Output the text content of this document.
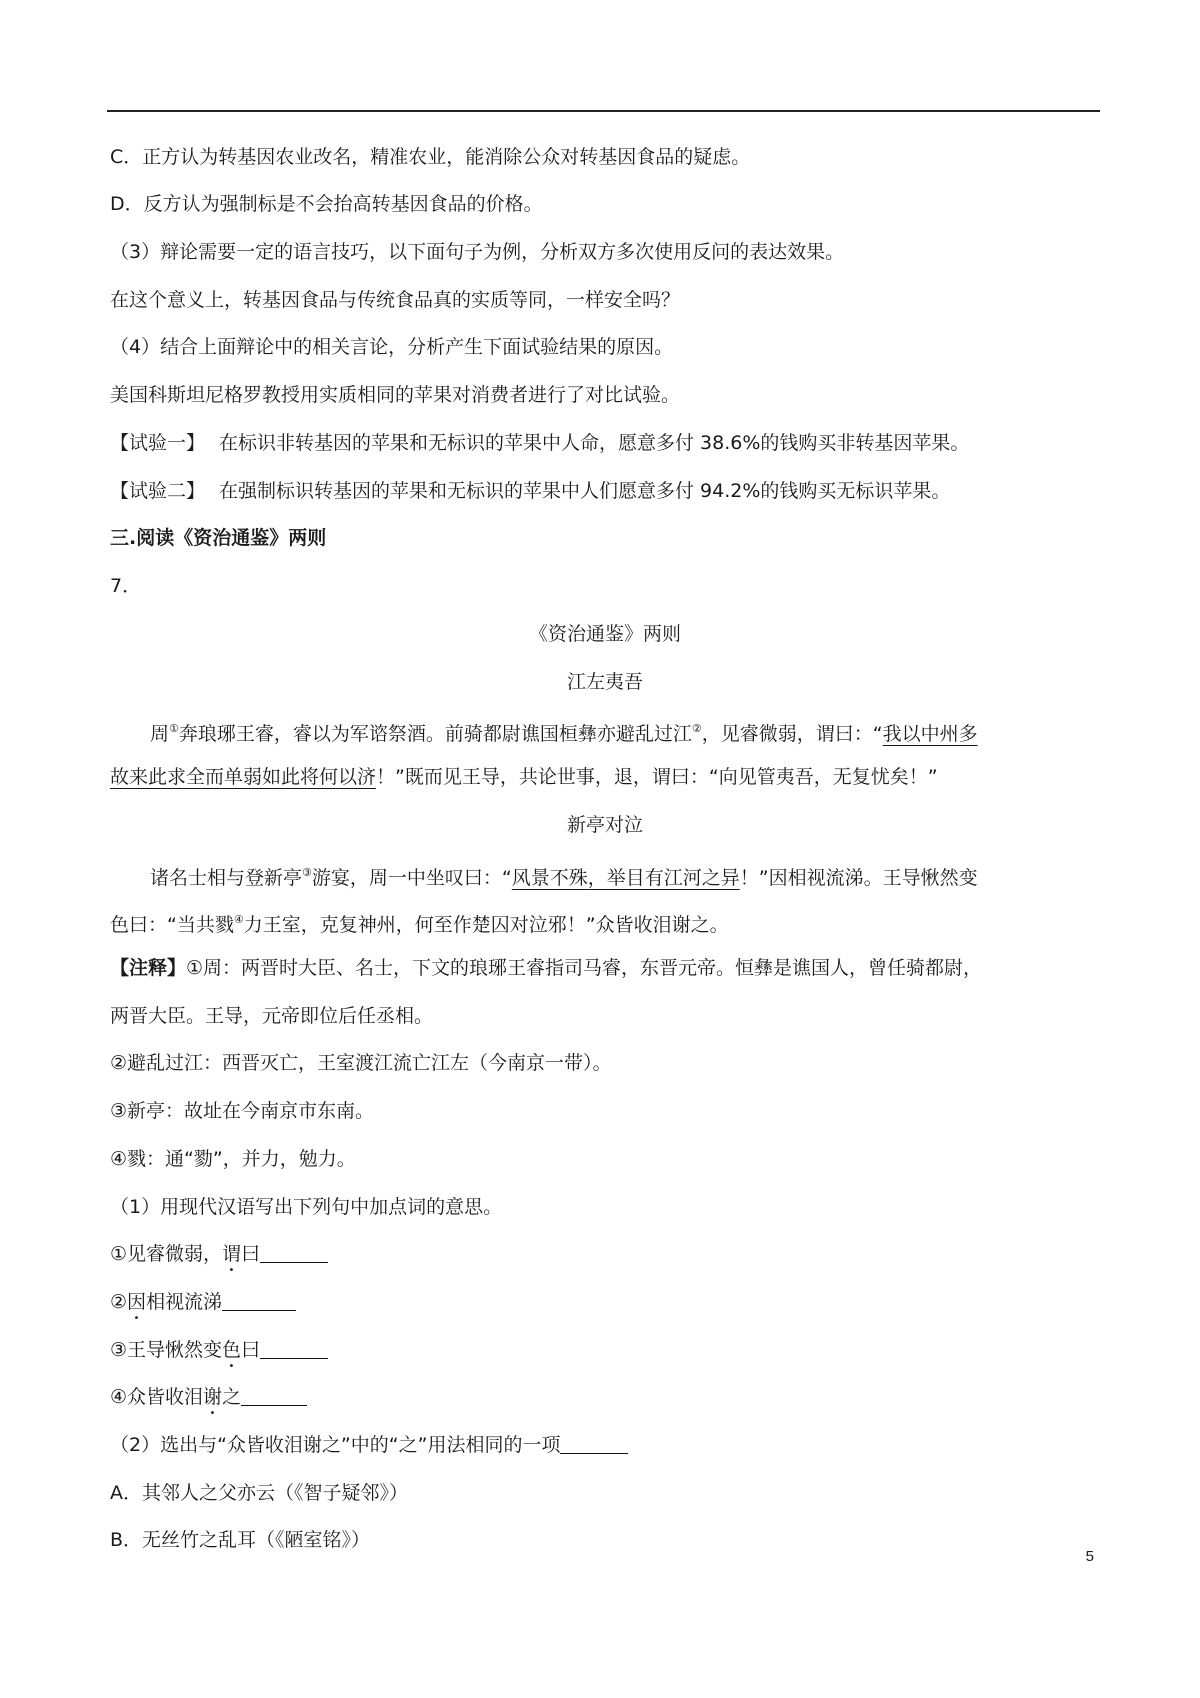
C．正方认为转基因农业改名，精准农业，能消除公众对转基因食品的疑虑。
D．反方认为强制标是不会抬高转基因食品的价格。
（3）辩论需要一定的语言技巧，以下面句子为例，分析双方多次使用反问的表达效果。
在这个意义上，转基因食品与传统食品真的实质等同，一样安全吗？
（4）结合上面辩论中的相关言论，分析产生下面试验结果的原因。
美国科斯坦尼格罗教授用实质相同的苹果对消费者进行了对比试验。
【试验一】 在标识非转基因的苹果和无标识的苹果中人命，愿意多付 38.6%的钱购买非转基因苹果。
【试验二】 在强制标识转基因的苹果和无标识的苹果中人们愿意多付 94.2%的钱购买无标识苹果。
三.阅读《资治通鉴》两则
7．
《资治通鉴》两则
江左夷吾
周①奔琅琊王睿，睿以为军谘祭酒。前骑都尉谯国桓彝亦避乱过江②，见睿微弱，谓曰：“我以中州多
故来此求全而单弱如此将何以济！”既而见王导，共论世事，退，谓曰：“向见管夷吾，无复忧矣！”
新亭对泣
诸名士相与登新亭③游宴，周一中坐叹曰：“风景不殊，举目有江河之异！”因相视流涕。王导愀然变
色曰：“当共戮④力王室，克复神州，何至作楚囚对泣邪！”众皆收泪谢之。
【注释】①周：两晋时大臣、名士，下文的琅琊王睿指司马睿，东晋元帝。恒彝是谯国人，曾任骑都尉，
两晋大臣。王导，元帝即位后任丞相。
②避乱过江：西晋灭亡，王室渡江流亡江左（今南京一带）。
③新亭：故址在今南京市东南。
④戮：通“勠”，并力，勉力。
（1）用现代汉语写出下列句中加点词的意思。
①见睿微弱，谓曰
②因相视流涕
③王导愀然变色曰
④众皆收泪谢之
（2）选出与“众皆收泪谢之”中的“之”用法相同的一项
A．其邻人之父亦云（《智子疑邻》）
B．无丝竹之乱耳（《陋室铭》）
5
